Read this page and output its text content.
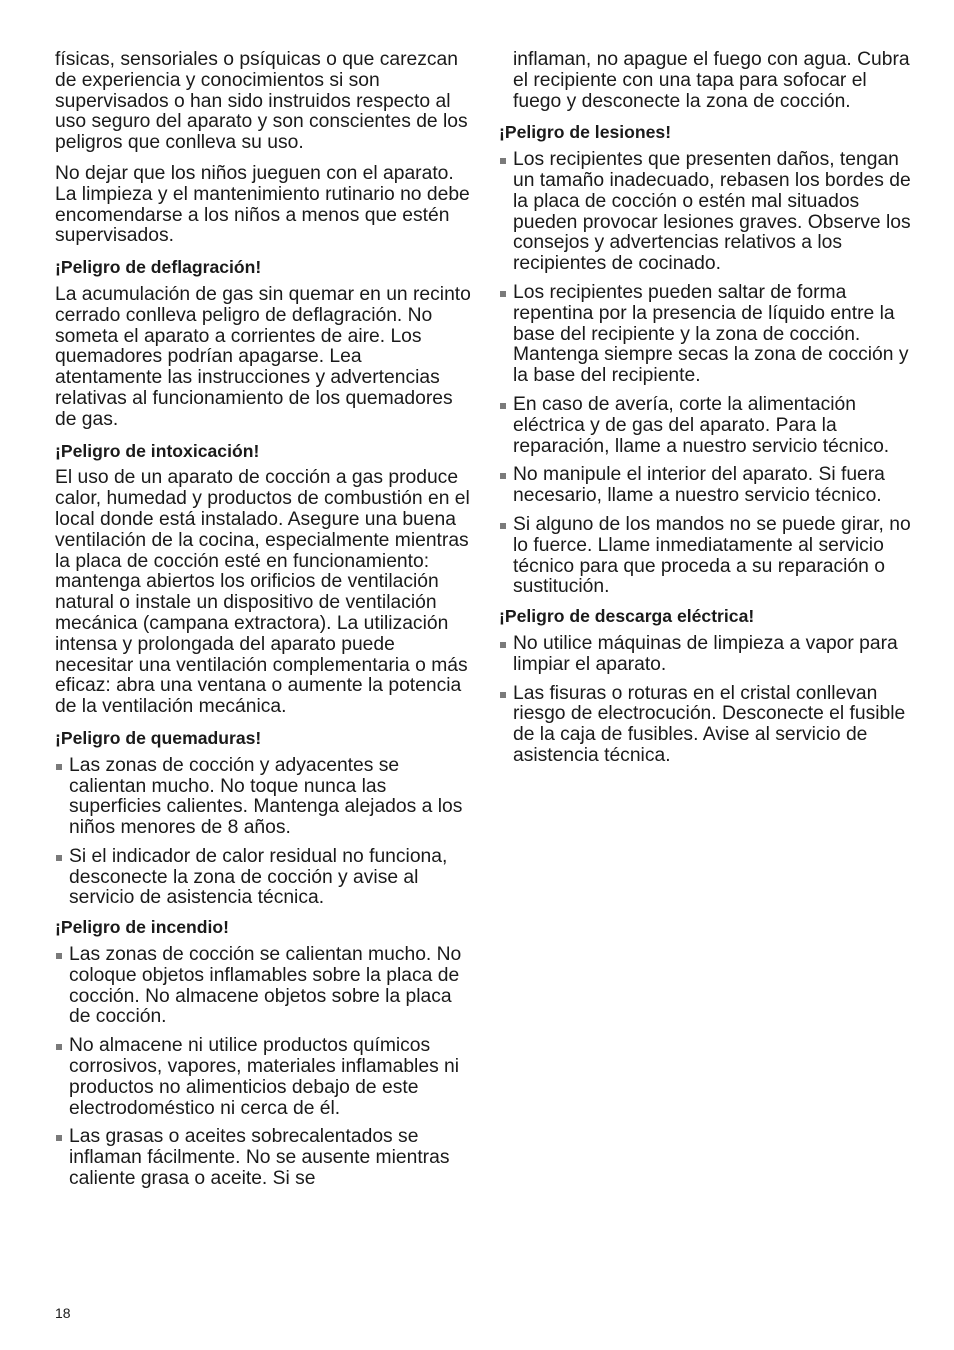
físicas, sensoriales o psíquicas o que carezcan de experiencia y conocimientos si son supervisados o han sido instruidos respecto al uso seguro del aparato y son conscientes de los peligros que conlleva su uso.

No dejar que los niños jueguen con el aparato. La limpieza y el mantenimiento rutinario no debe encomendarse a los niños a menos que estén supervisados.

¡Peligro de deflagración!

La acumulación de gas sin quemar en un recinto cerrado conlleva peligro de deflagración. No someta el aparato a corrientes de aire. Los quemadores podrían apagarse. Lea atentamente las instrucciones y advertencias relativas al funcionamiento de los quemadores de gas.

¡Peligro de intoxicación!

El uso de un aparato de cocción a gas produce calor, humedad y productos de combustión en el local donde está instalado. Asegure una buena ventilación de la cocina, especialmente mientras la placa de cocción esté en funcionamiento: mantenga abiertos los orificios de ventilación natural o instale un dispositivo de ventilación mecánica (campana extractora). La utilización intensa y prolongada del aparato puede necesitar una ventilación complementaria o más eficaz: abra una ventana o aumente la potencia de la ventilación mecánica.

¡Peligro de quemaduras!
Las zonas de cocción y adyacentes se calientan mucho. No toque nunca las superficies calientes. Mantenga alejados a los niños menores de 8 años.
Si el indicador de calor residual no funciona, desconecte la zona de cocción y avise al servicio de asistencia técnica.
¡Peligro de incendio!
Las zonas de cocción se calientan mucho. No coloque objetos inflamables sobre la placa de cocción. No almacene objetos sobre la placa de cocción.
No almacene ni utilice productos químicos corrosivos, vapores, materiales inflamables ni productos no alimenticios debajo de este electrodoméstico ni cerca de él.
Las grasas o aceites sobrecalentados se inflaman fácilmente. No se ausente mientras caliente grasa o aceite. Si se

inflaman, no apague el fuego con agua. Cubra el recipiente con una tapa para sofocar el fuego y desconecte la zona de cocción.

¡Peligro de lesiones!
Los recipientes que presenten daños, tengan un tamaño inadecuado, rebasen los bordes de la placa de cocción o estén mal situados pueden provocar lesiones graves. Observe los consejos y advertencias relativos a los recipientes de cocinado.
Los recipientes pueden saltar de forma repentina por la presencia de líquido entre la base del recipiente y la zona de cocción. Mantenga siempre secas la zona de cocción y la base del recipiente.
En caso de avería, corte la alimentación eléctrica y de gas del aparato. Para la reparación, llame a nuestro servicio técnico.
No manipule el interior del aparato. Si fuera necesario, llame a nuestro servicio técnico.
Si alguno de los mandos no se puede girar, no lo fuerce. Llame inmediatamente al servicio técnico para que proceda a su reparación o sustitución.
¡Peligro de descarga eléctrica!
No utilice máquinas de limpieza a vapor para limpiar el aparato.
Las fisuras o roturas en el cristal conllevan riesgo de electrocución. Desconecte el fusible de la caja de fusibles. Avise al servicio de asistencia técnica.
18
